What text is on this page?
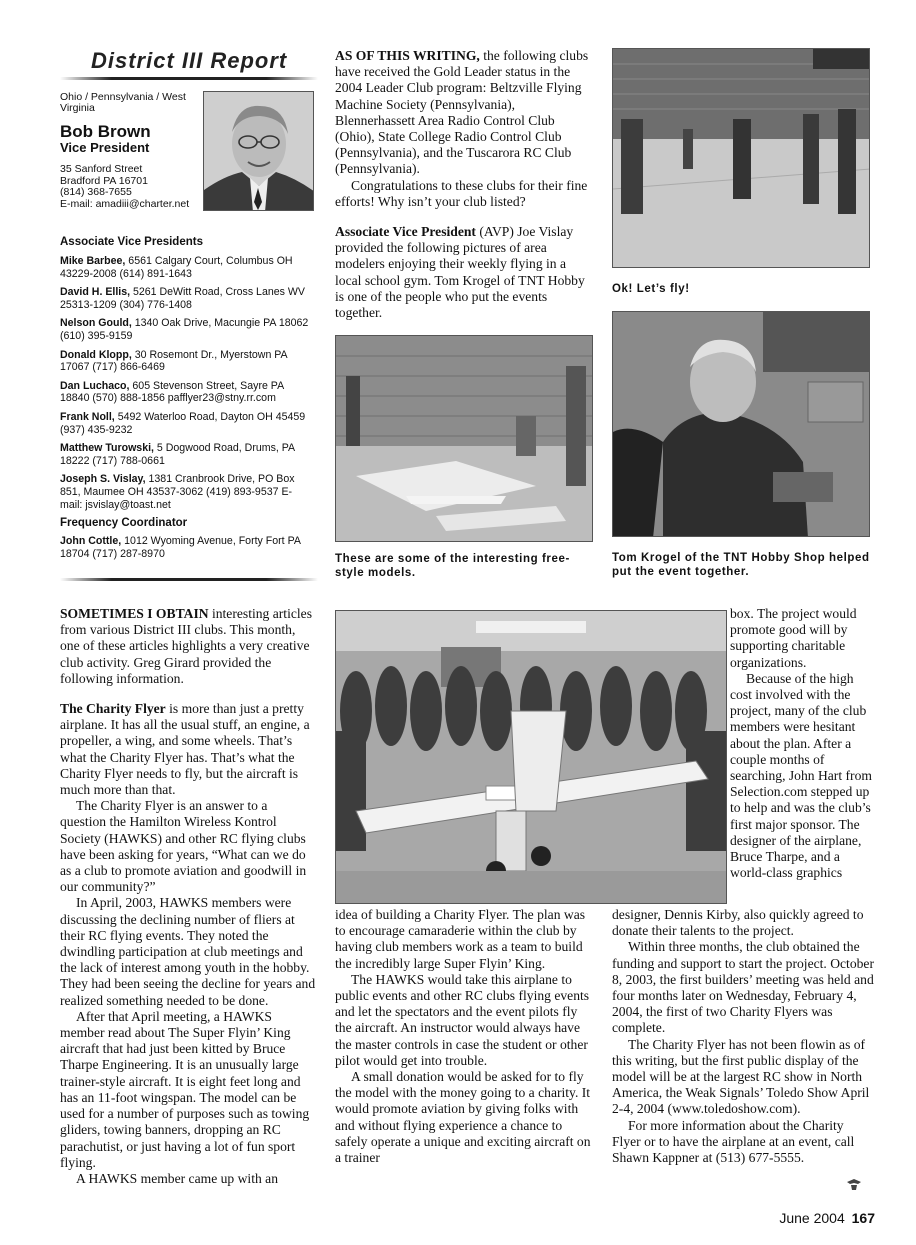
District III Report
Ohio / Pennsylvania / West Virginia
Bob Brown
Vice President
35 Sanford Street
Bradford PA 16701
(814) 368-7655
E-mail: amadiii@charter.net
Associate Vice Presidents

Mike Barbee, 6561 Calgary Court, Columbus OH 43229-2008 (614) 891-1643

David H. Ellis, 5261 DeWitt Road, Cross Lanes WV 25313-1209 (304) 776-1408

Nelson Gould, 1340 Oak Drive, Macungie PA 18062 (610) 395-9159

Donald Klopp, 30 Rosemont Dr., Myerstown PA 17067 (717) 866-6469

Dan Luchaco, 605 Stevenson Street, Sayre PA 18840 (570) 888-1856 pafflyer23@stny.rr.com

Frank Noll, 5492 Waterloo Road, Dayton OH 45459 (937) 435-9232

Matthew Turowski, 5 Dogwood Road, Drums, PA 18222 (717) 788-0661

Joseph S. Vislay, 1381 Cranbrook Drive, PO Box 851, Maumee OH 43537-3062 (419) 893-9537 E-mail: jsvislay@toast.net

Frequency Coordinator

John Cottle, 1012 Wyoming Avenue, Forty Fort PA 18704 (717) 287-8970

AS OF THIS WRITING, the following clubs have received the Gold Leader status in the 2004 Leader Club program: Beltzville Flying Machine Society (Pennsylvania), Blennerhassett Area Radio Control Club (Ohio), State College Radio Control Club (Pennsylvania), and the Tuscarora RC Club (Pennsylvania).

Congratulations to these clubs for their fine efforts! Why isn’t your club listed?

Associate Vice President (AVP) Joe Vislay provided the following pictures of area modelers enjoying their weekly flying in a local school gym. Tom Krogel of TNT Hobby is one of the people who put the events together.

These are some of the interesting free-style models.
Ok! Let’s fly!
Tom Krogel of the TNT Hobby Shop helped put the event together.

SOMETIMES I OBTAIN interesting articles from various District III clubs. This month, one of these articles highlights a very creative club activity. Greg Girard provided the following information.

The Charity Flyer is more than just a pretty airplane. It has all the usual stuff, an engine, a propeller, a wing, and some wheels. That’s what the Charity Flyer has. That’s what the Charity Flyer needs to fly, but the aircraft is much more than that.

The Charity Flyer is an answer to a question the Hamilton Wireless Kontrol Society (HAWKS) and other RC flying clubs have been asking for years, “What can we do as a club to promote aviation and goodwill in our community?”

In April, 2003, HAWKS members were discussing the declining number of fliers at their RC flying events. They noted the dwindling participation at club meetings and the lack of interest among youth in the hobby. They had been seeing the decline for years and realized something needed to be done.

After that April meeting, a HAWKS member read about The Super Flyin’ King aircraft that had just been kitted by Bruce Tharpe Engineering. It is an unusually large trainer-style aircraft. It is eight feet long and has an 11-foot wingspan. The model can be used for a number of purposes such as towing gliders, towing banners, dropping an RC parachutist, or just having a lot of fun sport flying.

A HAWKS member came up with an

idea of building a Charity Flyer. The plan was to encourage camaraderie within the club by having club members work as a team to build the incredibly large Super Flyin’ King.

The HAWKS would take this airplane to public events and other RC clubs flying events and let the spectators and the event pilots fly the aircraft. An instructor would always have the master controls in case the student or other pilot would get into trouble.

A small donation would be asked for to fly the model with the money going to a charity. It would promote aviation by giving folks with and without flying experience a chance to safely operate a unique and exciting aircraft on a trainer

box. The project would promote good will by supporting charitable organizations.

Because of the high cost involved with the project, many of the club members were hesitant about the plan. After a couple months of searching, John Hart from Selection.com stepped up to help and was the club’s first major sponsor. The designer of the airplane, Bruce Tharpe, and a world-class graphics

designer, Dennis Kirby, also quickly agreed to donate their talents to the project.

Within three months, the club obtained the funding and support to start the project. October 8, 2003, the first builders’ meeting was held and four months later on Wednesday, February 4, 2004, the first of two Charity Flyers was complete.

The Charity Flyer has not been flowin as of this writing, but the first public display of the model will be at the largest RC show in North America, the Weak Signals’ Toledo Show April 2-4, 2004 (www.toledoshow.com).

For more information about the Charity Flyer or to have the airplane at an event, call Shawn Kappner at (513) 677-5555.

June 2004 167
